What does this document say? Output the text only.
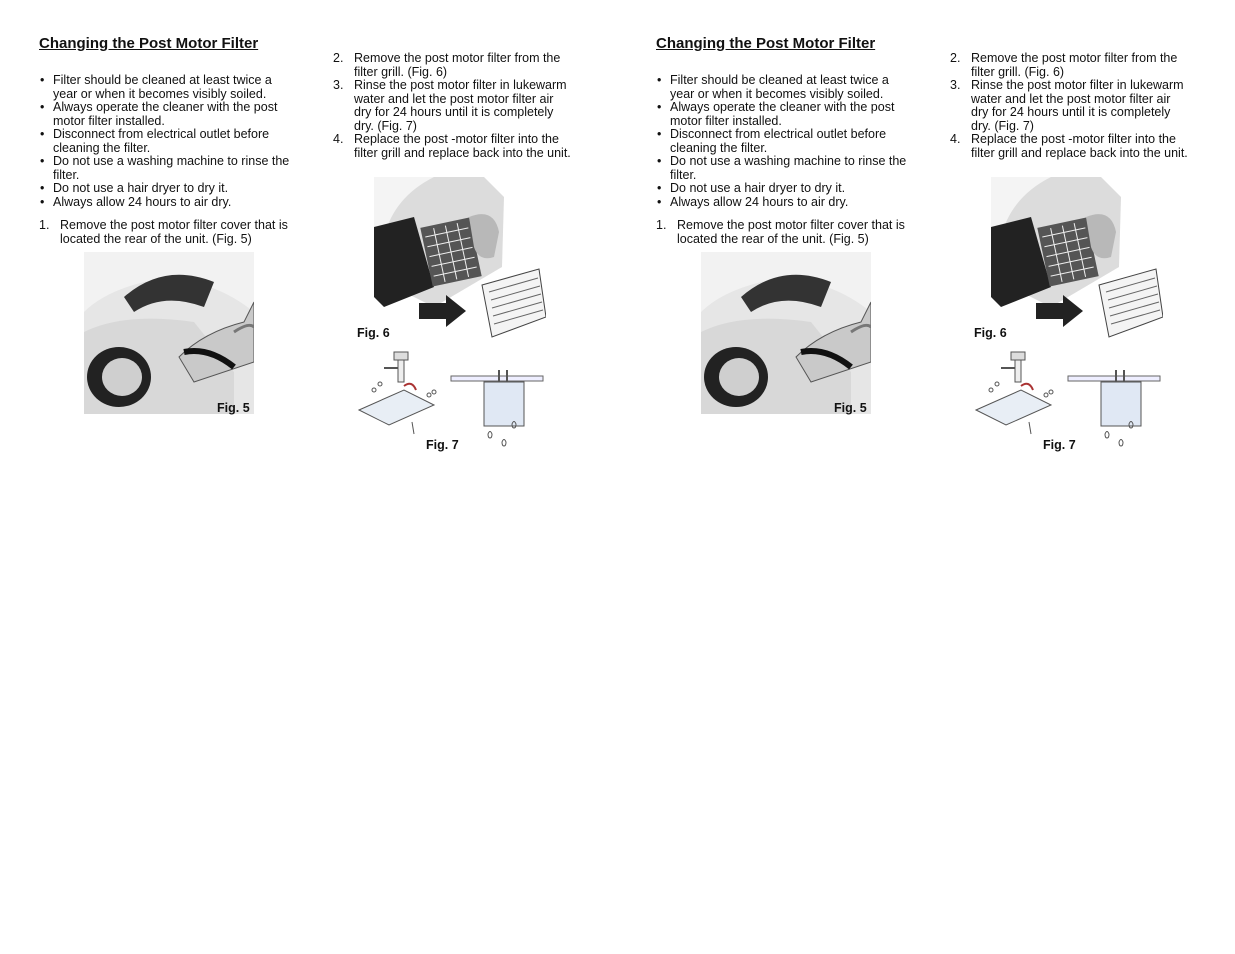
Changing the Post Motor Filter
• Filter should be cleaned at least twice a year or when it becomes visibly soiled.
• Always operate the cleaner with the post motor filter installed.
• Disconnect from electrical outlet before cleaning the filter.
• Do not use a washing machine to rinse the filter.
• Do not use a hair dryer to dry it.
• Always allow 24 hours to air dry.
1. Remove the post motor filter cover that is located the rear of the unit. (Fig. 5)
Fig. 5
2. Remove the post motor filter from the filter grill. (Fig. 6)
3. Rinse the post motor filter in lukewarm water and let the post motor filter air dry for 24 hours until it is completely dry. (Fig. 7)
4. Replace the post -motor filter into the filter grill and replace back into the unit.
Fig. 6
Fig. 7
Changing the Post Motor Filter
• Filter should be cleaned at least twice a year or when it becomes visibly soiled.
• Always operate the cleaner with the post motor filter installed.
• Disconnect from electrical outlet before cleaning the filter.
• Do not use a washing machine to rinse the filter.
• Do not use a hair dryer to dry it.
• Always allow 24 hours to air dry.
1. Remove the post motor filter cover that is located the rear of the unit. (Fig. 5)
Fig. 5
2. Remove the post motor filter from the filter grill. (Fig. 6)
3. Rinse the post motor filter in lukewarm water and let the post motor filter air dry for 24 hours until it is completely dry. (Fig. 7)
4. Replace the post -motor filter into the filter grill and replace back into the unit.
Fig. 6
Fig. 7
